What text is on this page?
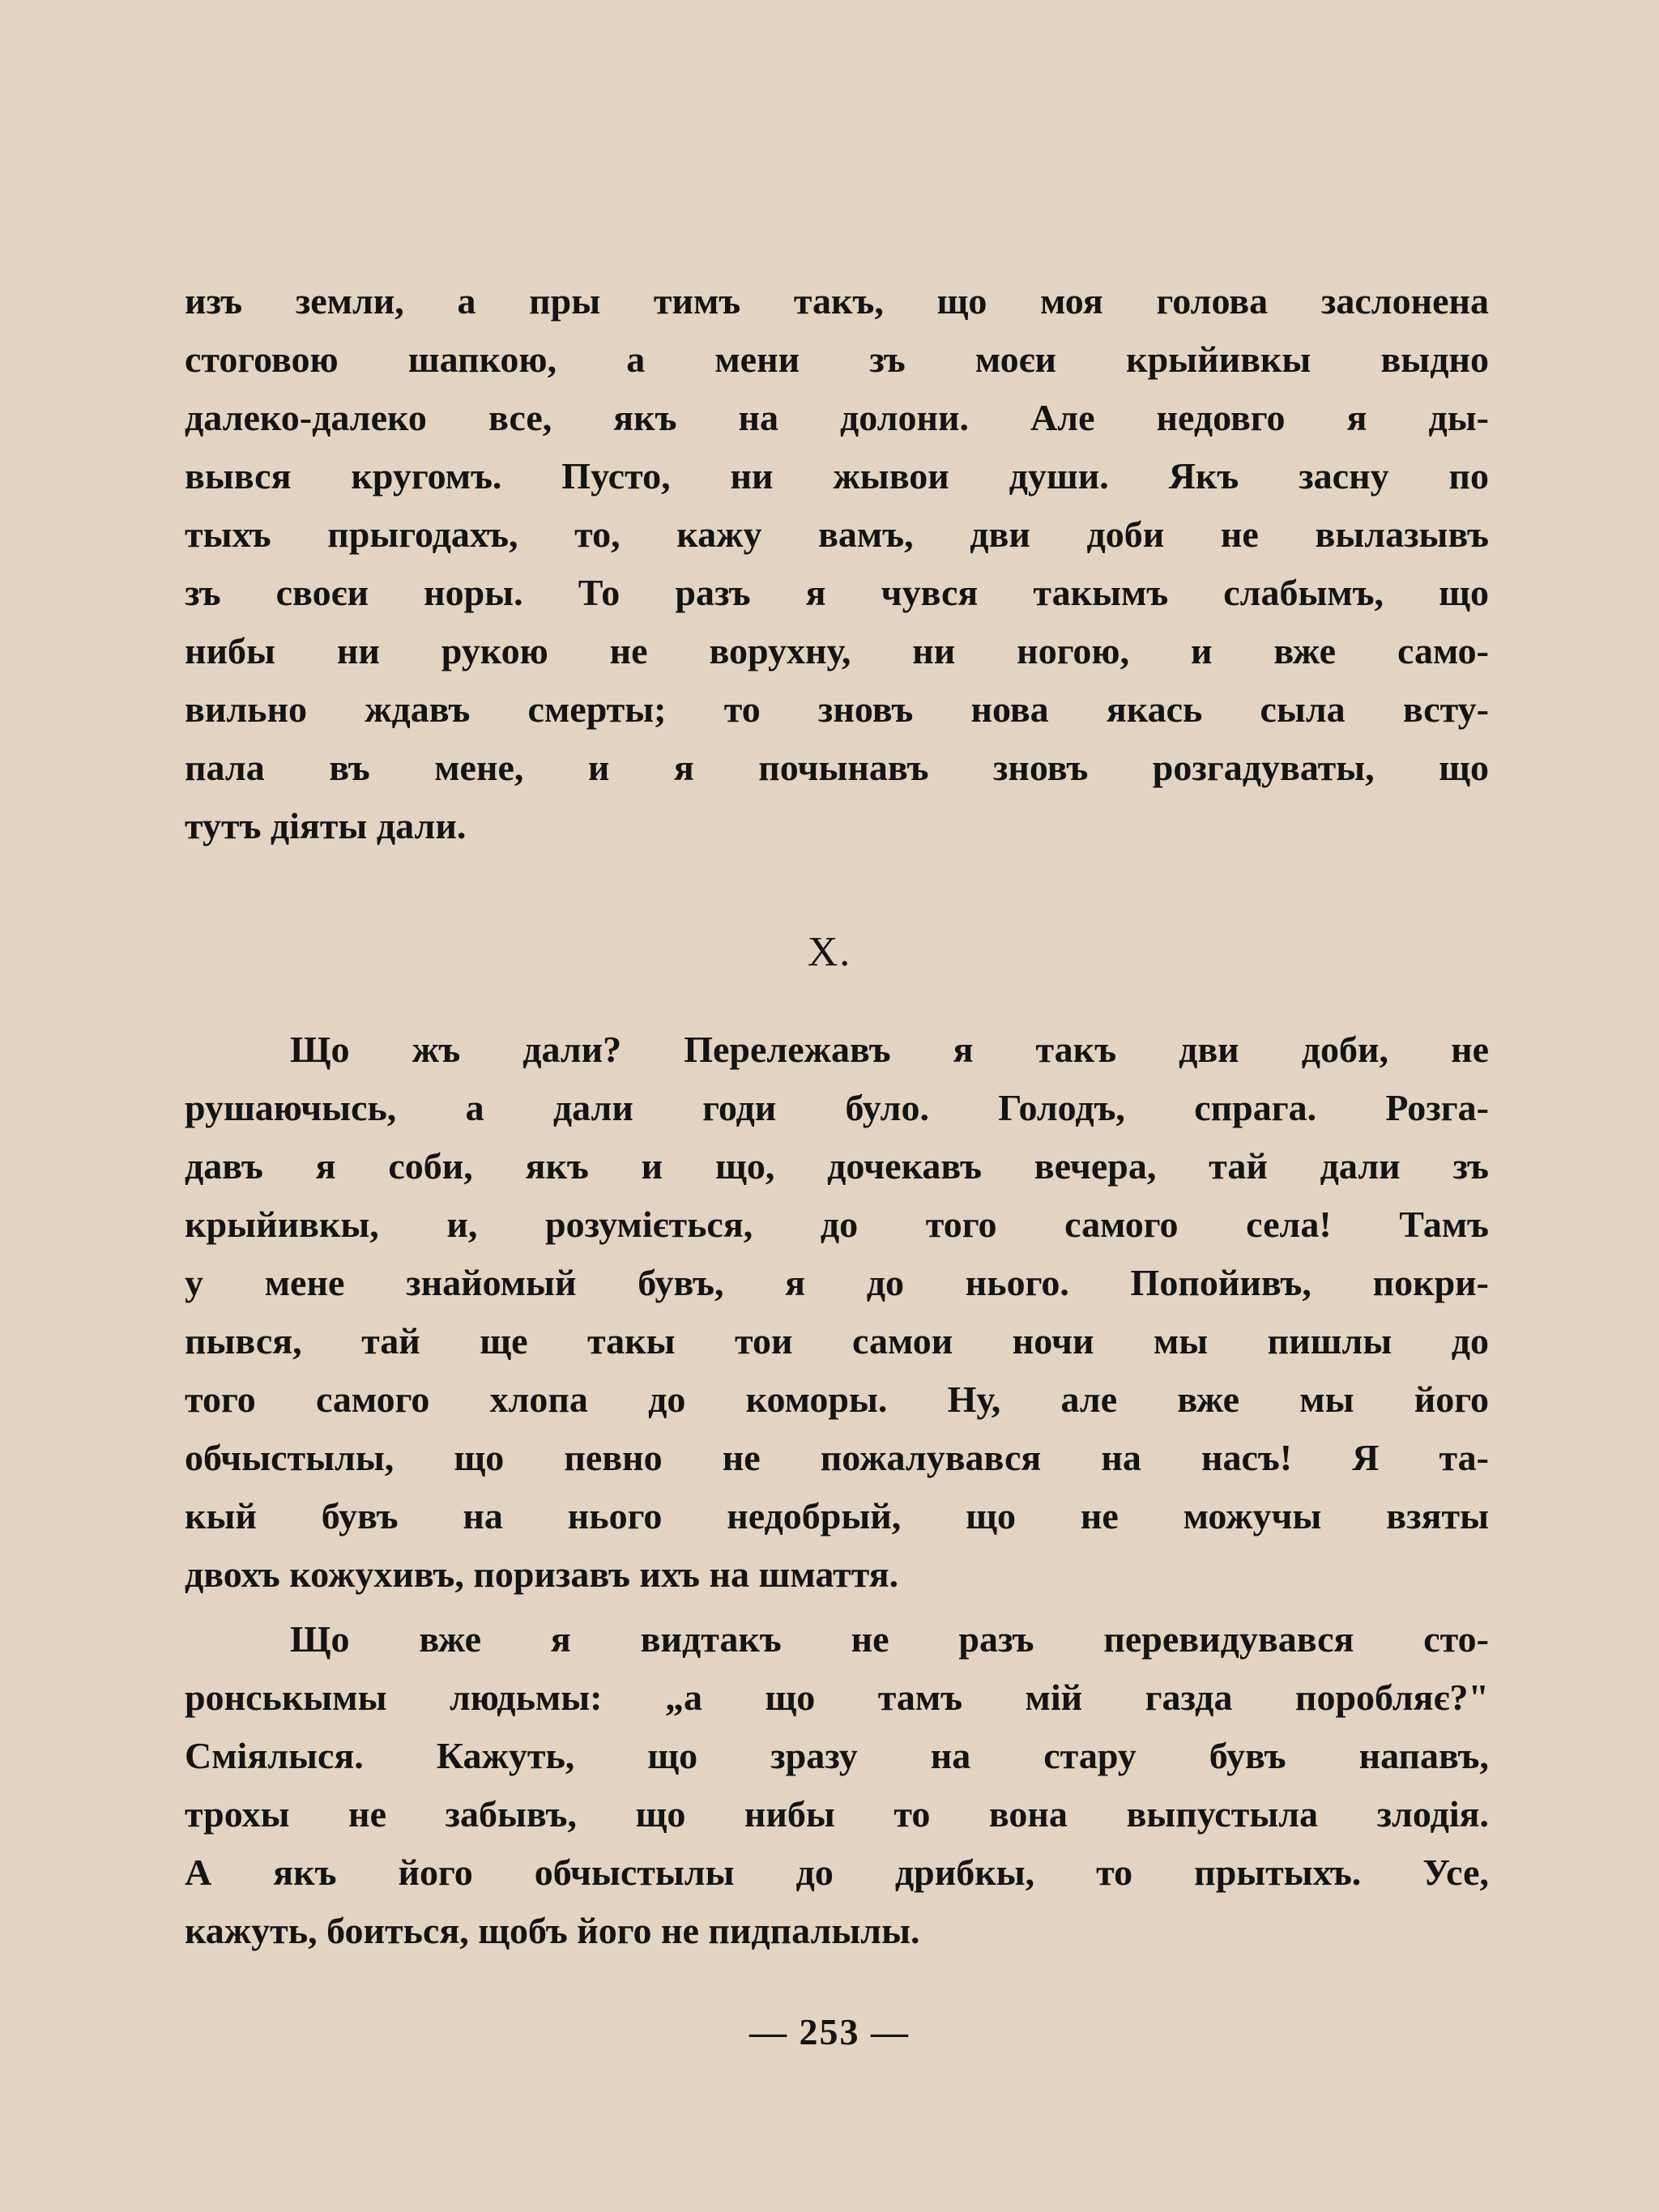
изъ земли, а пры тимъ такъ, що моя голова заслонена
стоговою шапкою, а мени зъ моєи крыйивкы выдно
далеко-далеко все, якъ на долони. Але недовго я ды-
вывся кругомъ. Пусто, ни жывои души. Якъ засну по
тыхъ прыгодахъ, то, кажу вамъ, дви доби не вылазывъ
зъ своєи норы. То разъ я чувся такымъ слабымъ, що
нибы ни рукою не ворухну, ни ногою, и вже само-
вильно ждавъ смерты; то зновъ нова якась сыла всту-
пала въ мене, и я почынавъ зновъ розгадуваты, що
тутъ діяты дали.
X.
Що жъ дали? Перележавъ я такъ дви доби, не
рушаючысь, а дали годи було. Голодъ, спрага. Розга-
давъ я соби, якъ и що, дочекавъ вечера, тай дали зъ
крыйивкы, и, розуміється, до того самого села! Тамъ
у мене знайомый бувъ, я до нього. Попойивъ, покри-
пывся, тай ще такы тои самои ночи мы пишлы до
того самого хлопа до коморы. Ну, але вже мы його
обчыстылы, що певно не пожалувався на насъ! Я та-
кый бувъ на нього недобрый, що не можучы взяты
двохъ кожухивъ, поризавъ ихъ на шмаття.
Що вже я видтакъ не разъ перевидувався сто-
ронськымы людьмы: „а що тамъ мій газда поробляє?"
Сміялыся. Кажуть, що зразу на стару бувъ напавъ,
трохы не забывъ, що нибы то вона выпустыла злодія.
А якъ його обчыстылы до дрибкы, то прытыхъ. Усе,
кажуть, боиться, щобъ його не пидпалылы.
— 253 —
